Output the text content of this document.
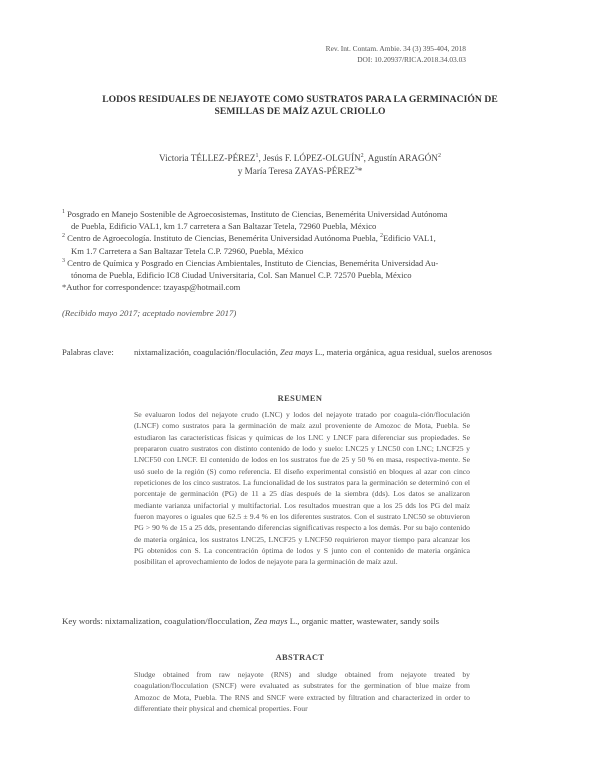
Rev. Int. Contam. Ambie. 34 (3) 395-404, 2018
DOI: 10.20937/RICA.2018.34.03.03
LODOS RESIDUALES DE NEJAYOTE COMO SUSTRATOS PARA LA GERMINACIÓN DE
SEMILLAS DE MAÍZ AZUL CRIOLLO
Victoria TÉLLEZ-PÉREZ$^1$, Jesús F. LÓPEZ-OLGUÍN$^2$, Agustín ARAGÓN$^2$
y María Teresa ZAYAS-PÉREZ$^3$*
$^1$ Posgrado en Manejo Sostenible de Agroecosistemas, Instituto de Ciencias, Benemérita Universidad Autónoma
de Puebla, Edificio VAL1, km 1.7 carretera a San Baltazar Tetela, 72960 Puebla, México
$^2$ Centro de Agroecología. Instituto de Ciencias, Benemérita Universidad Autónoma Puebla, $^2$Edificio VAL1,
Km 1.7 Carretera a San Baltazar Tetela C.P. 72960, Puebla, México
$^3$ Centro de Química y Posgrado en Ciencias Ambientales, Instituto de Ciencias, Benemérita Universidad Au-
tónoma de Puebla, Edificio IC8 Ciudad Universitaria, Col. San Manuel C.P. 72570 Puebla, México
*Author for correspondence: tzayasp@hotmail.com
(Recibido mayo 2017; aceptado noviembre 2017)
Palabras clave: nixtamalización, coagulación/floculación, Zea mays L., materia orgánica, agua residual, suelos arenosos
RESUMEN
Se evaluaron lodos del nejayote crudo (LNC) y lodos del nejayote tratado por coagula-ción/floculación (LNCF) como sustratos para la germinación de maíz azul proveniente de Amozoc de Mota, Puebla. Se estudiaron las características físicas y químicas de los LNC y LNCF para diferenciar sus propiedades. Se prepararon cuatro sustratos con distinto contenido de lodo y suelo: LNC25 y LNC50 con LNC; LNCF25 y LNCF50 con LNCF. El contenido de lodos en los sustratos fue de 25 y 50 % en masa, respectiva-mente. Se usó suelo de la región (S) como referencia. El diseño experimental consistió en bloques al azar con cinco repeticiones de los cinco sustratos. La funcionalidad de los sustratos para la germinación se determinó con el porcentaje de germinación (PG) de 11 a 25 días después de la siembra (dds). Los datos se analizaron mediante varianza unifactorial y multifactorial. Los resultados muestran que a los 25 dds los PG del maíz fueron mayores o iguales que 62.5 ± 9.4 % en los diferentes sustratos. Con el sustrato LNC50 se obtuvieron PG > 90 % de 15 a 25 dds, presentando diferencias significativas respecto a los demás. Por su bajo contenido de materia orgánica, los sustratos LNC25, LNCF25 y LNCF50 requirieron mayor tiempo para alcanzar los PG obtenidos con S. La concentración óptima de lodos y S junto con el contenido de materia orgánica posibilitan el aprovechamiento de lodos de nejayote para la germinación de maíz azul.
Key words: nixtamalization, coagulation/flocculation, Zea mays L., organic matter, wastewater, sandy soils
ABSTRACT
Sludge obtained from raw nejayote (RNS) and sludge obtained from nejayote treated by coagulation/flocculation (SNCF) were evaluated as substrates for the germination of blue maize from Amozoc de Mota, Puebla. The RNS and SNCF were extracted by filtration and characterized in order to differentiate their physical and chemical properties. Four
